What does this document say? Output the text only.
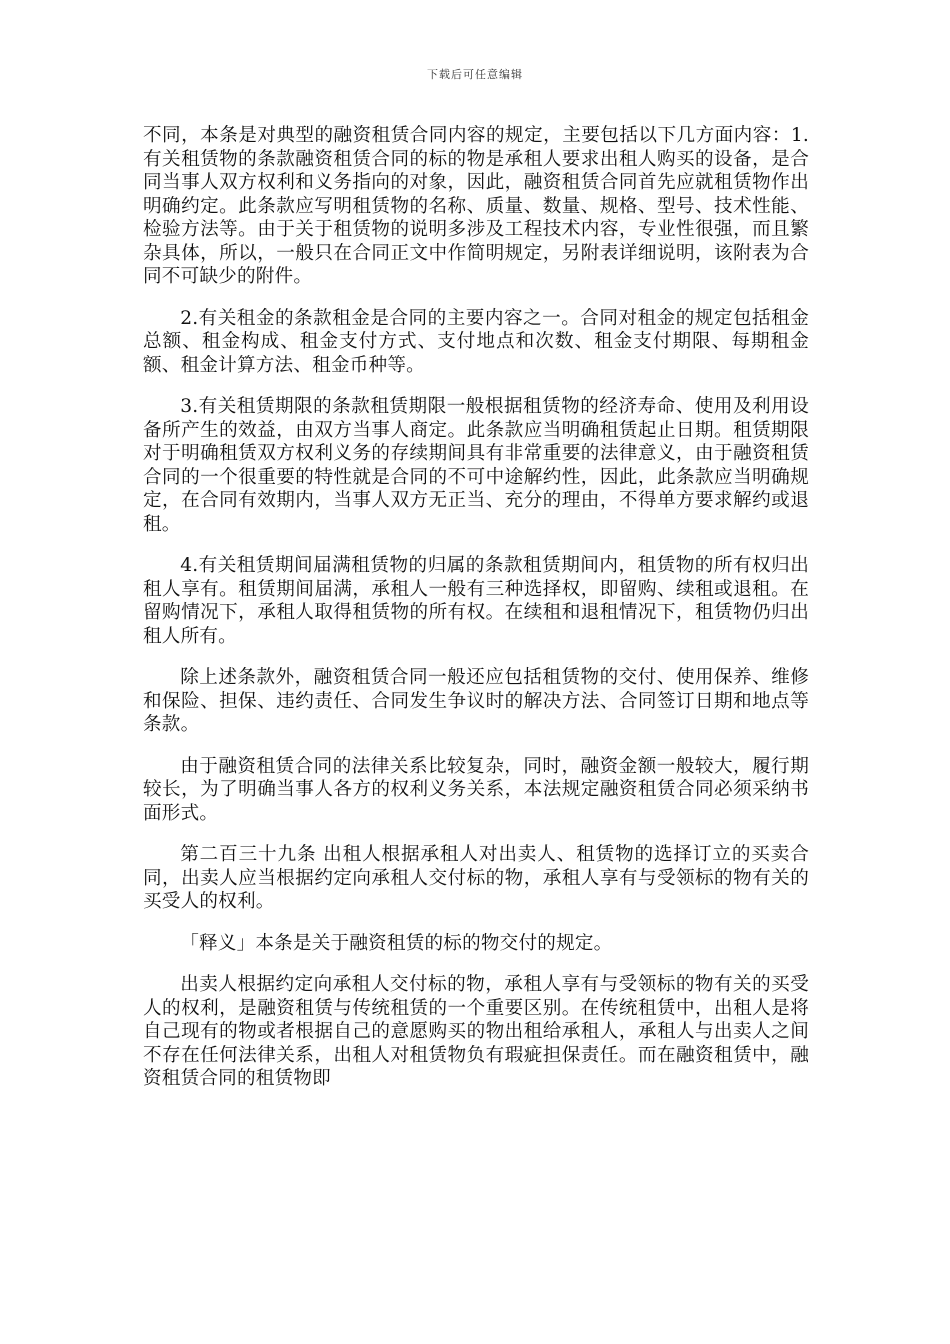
下载后可任意编辑

不同，本条是对典型的融资租赁合同内容的规定，主要包括以下几方面内容：1.有关租赁物的条款融资租赁合同的标的物是承租人要求出租人购买的设备，是合同当事人双方权利和义务指向的对象，因此，融资租赁合同首先应就租赁物作出明确约定。此条款应写明租赁物的名称、质量、数量、规格、型号、技术性能、检验方法等。由于关于租赁物的说明多涉及工程技术内容，专业性很强，而且繁杂具体，所以，一般只在合同正文中作简明规定，另附表详细说明，该附表为合同不可缺少的附件。

2.有关租金的条款租金是合同的主要内容之一。合同对租金的规定包括租金总额、租金构成、租金支付方式、支付地点和次数、租金支付期限、每期租金额、租金计算方法、租金币种等。

3.有关租赁期限的条款租赁期限一般根据租赁物的经济寿命、使用及利用设备所产生的效益，由双方当事人商定。此条款应当明确租赁起止日期。租赁期限对于明确租赁双方权利义务的存续期间具有非常重要的法律意义，由于融资租赁合同的一个很重要的特性就是合同的不可中途解约性，因此，此条款应当明确规定，在合同有效期内，当事人双方无正当、充分的理由，不得单方要求解约或退租。

4.有关租赁期间届满租赁物的归属的条款租赁期间内，租赁物的所有权归出租人享有。租赁期间届满，承租人一般有三种选择权，即留购、续租或退租。在留购情况下，承租人取得租赁物的所有权。在续租和退租情况下，租赁物仍归出租人所有。

除上述条款外，融资租赁合同一般还应包括租赁物的交付、使用保养、维修和保险、担保、违约责任、合同发生争议时的解决方法、合同签订日期和地点等条款。

由于融资租赁合同的法律关系比较复杂，同时，融资金额一般较大，履行期较长，为了明确当事人各方的权利义务关系，本法规定融资租赁合同必须采纳书面形式。

第二百三十九条 出租人根据承租人对出卖人、租赁物的选择订立的买卖合同，出卖人应当根据约定向承租人交付标的物，承租人享有与受领标的物有关的买受人的权利。

「释义」本条是关于融资租赁的标的物交付的规定。

出卖人根据约定向承租人交付标的物，承租人享有与受领标的物有关的买受人的权利，是融资租赁与传统租赁的一个重要区别。在传统租赁中，出租人是将自己现有的物或者根据自己的意愿购买的物出租给承租人，承租人与出卖人之间不存在任何法律关系，出租人对租赁物负有瑕疵担保责任。而在融资租赁中，融资租赁合同的租赁物即
